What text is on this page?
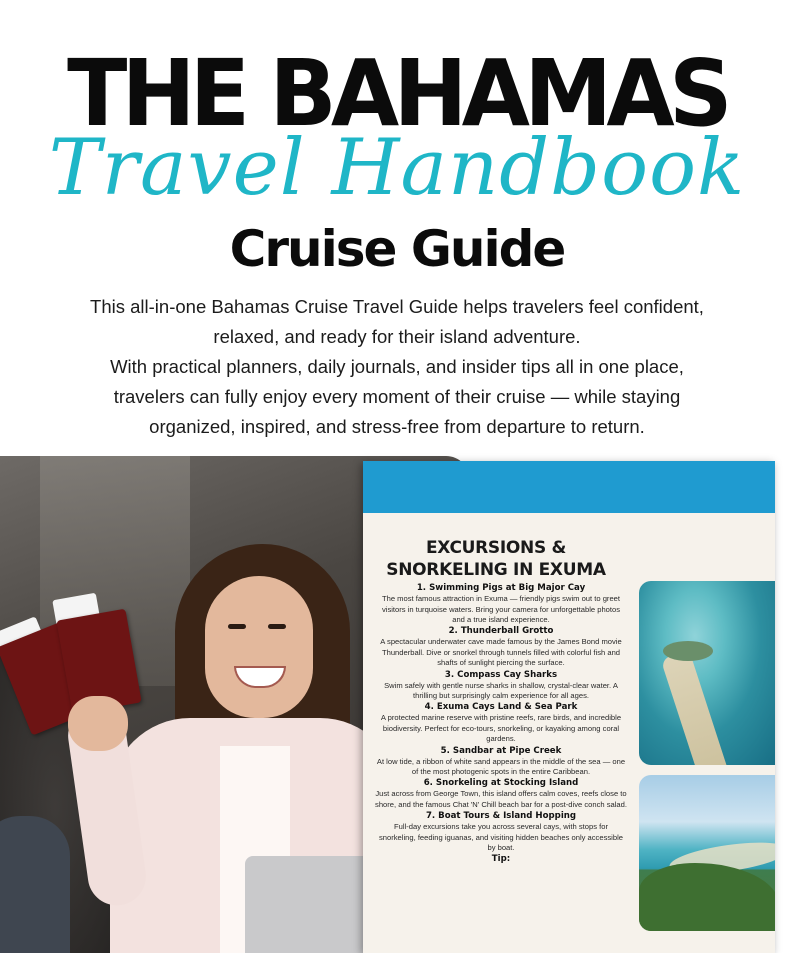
THE BAHAMAS
Travel Handbook
Cruise Guide

This all-in-one Bahamas Cruise Travel Guide helps travelers feel confident,

relaxed, and ready for their island adventure.

With practical planners, daily journals, and insider tips all in one place,

travelers can fully enjoy every moment of their cruise — while staying

organized, inspired, and stress-free from departure to return.

EXCURSIONS &
SNORKELING IN EXUMA

1. Swimming Pigs at Big Major Cay

The most famous attraction in Exuma — friendly pigs swim out to greet visitors in turquoise waters. Bring your camera for unforgettable photos and a true island experience.

2. Thunderball Grotto

A spectacular underwater cave made famous by the James Bond movie Thunderball. Dive or snorkel through tunnels filled with colorful fish and shafts of sunlight piercing the surface.

3. Compass Cay Sharks

Swim safely with gentle nurse sharks in shallow, crystal-clear water. A thrilling but surprisingly calm experience for all ages.

4. Exuma Cays Land & Sea Park

A protected marine reserve with pristine reefs, rare birds, and incredible biodiversity. Perfect for eco-tours, snorkeling, or kayaking among coral gardens.

5. Sandbar at Pipe Creek

At low tide, a ribbon of white sand appears in the middle of the sea — one of the most photogenic spots in the entire Caribbean.

6. Snorkeling at Stocking Island

Just across from George Town, this island offers calm coves, reefs close to shore, and the famous Chat 'N' Chill beach bar for a post-dive conch salad.

7. Boat Tours & Island Hopping

Full-day excursions take you across several cays, with stops for snorkeling, feeding iguanas, and visiting hidden beaches only accessible by boat.

Tip:
